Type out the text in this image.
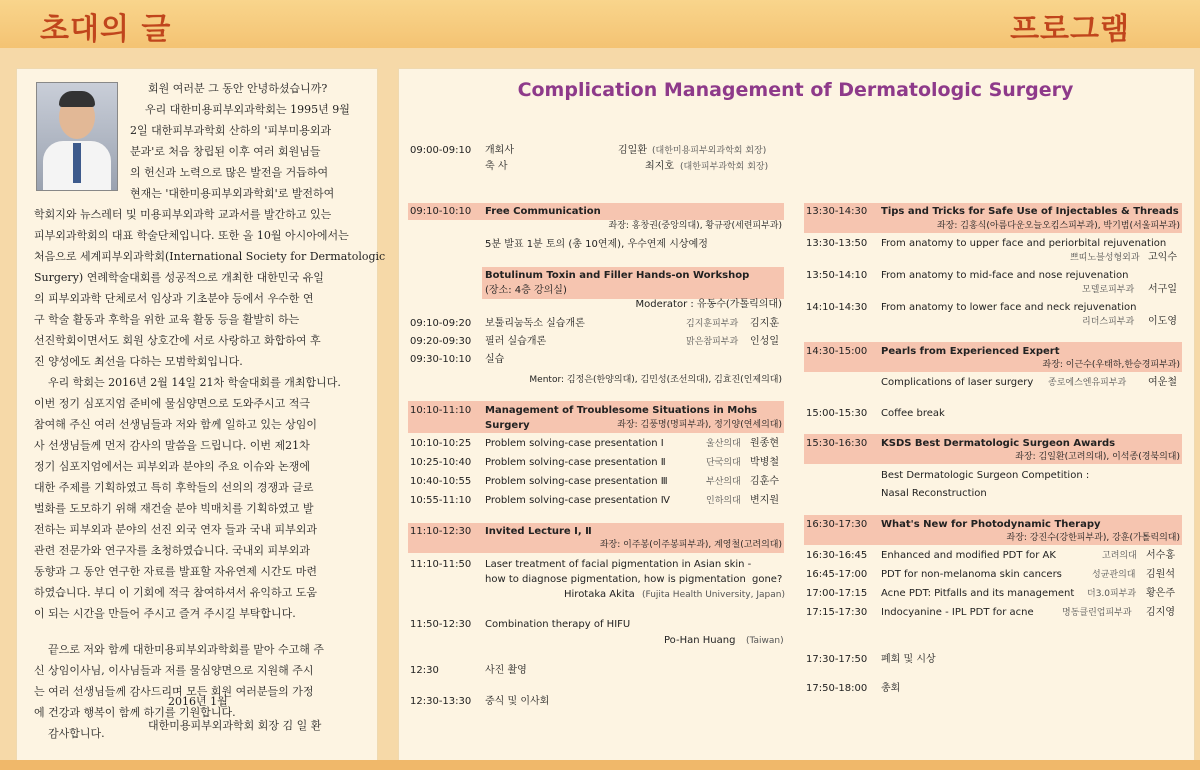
초대의 글	프로그램
회원 여러분 그 동안 안녕하셨습니까?
우리 대한미용피부외과학회는 1995년 9월
2일 대한피부과학회 산하의 '피부미용외과
분과'로 처음 창립된 이후 여러 회원님들
의 헌신과 노력으로 많은 발전을 거듭하여
현재는 '대한미용피부외과학회'로 발전하여
학회지와 뉴스레터 및 미용피부외과학 교과서를 발간하고 있는
피부외과학회의 대표 학술단체입니다. 또한 올 10월 아시아에서는
처음으로 세계피부외과학회(International Society for Dermatologic
Surgery) 연례학술대회를 성공적으로 개최한 대한민국 유일
의 피부외과학 단체로서 임상과 기초분야 등에서 우수한 연
구 학술 활동과 후학을 위한 교육 활동 등을 활발히 하는
선진학회이면서도 회원 상호간에 서로 사랑하고 화합하여 후
진 양성에도 최선을 다하는 모범학회입니다.
우리 학회는 2016년 2월 14일 21차 학술대회를 개최합니다.
이번 정기 심포지엄 준비에 물심양면으로 도와주시고 적극
참여해 주신 여러 선생님들과 저와 함께 일하고 있는 상임이
사 선생님들께 먼저 감사의 말씀을 드립니다. 이번 제21차
정기 심포지엄에서는 피부외과 분야의 주요 이슈와 논쟁에
대한 주제를 기획하였고 특히 후학들의 선의의 경쟁과 글로
벌화를 도모하기 위해 재건술 분야 빅매치를 기획하였고 발
전하는 피부외과 분야의 선진 외국 연자 들과 국내 피부외과
관련 전문가와 연구자를 초청하였습니다. 국내외 피부외과
동향과 그 동안 연구한 자료를 발표할 자유연제 시간도 마련
하였습니다. 부디 이 기회에 적극 참여하셔서 유익하고 도움
이 되는 시간을 만들어 주시고 즐겨 주시길 부탁합니다.
끝으로 저와 함께 대한미용피부외과학회를 맡아 수고해 주
신 상임이사님, 이사님들과 저를 물심양면으로 지원해 주시
는 여러 선생님들께 감사드리며 모든 회원 여러분들의 가정
에 건강과 행복이 함께 하기를 기원합니다.
감사합니다.
2016년 1월
대한미용피부외과학회 회장 김 일 환
Complication Management of Dermatologic Surgery
09:00-09:10 개회사	김일환 (대한미용피부외과학회 회장)
축 사	최지호 (대한피부과학회 회장)
09:10-10:10 Free Communication
좌장: 홍창권(중앙의대), 황규광(세련피부과)
5분 발표 1분 토의 (총 10연제), 우수연제 시상예정
Botulinum Toxin and Filler Hands-on Workshop
(장소: 4층 강의실)
Moderator : 유동수(가톨릭의대)
09:10-09:20 보툴리눔독소 실습개론	김지훈피부과 김지훈
09:20-09:30 필러 실습개론	맑은참피부과 인성일
09:30-10:10 실습
Mentor: 김정은(한양의대), 김민성(조선의대), 김효진(인제의대)
10:10-11:10 Management of Troublesome Situations in Mohs
Surgery	좌장: 김풍명(명피부과), 정기양(연세의대)
10:10-10:25 Problem solving-case presentation Ⅰ	울산의대 원종현
10:25-10:40 Problem solving-case presentation Ⅱ	단국의대 박병철
10:40-10:55 Problem solving-case presentation Ⅲ	부산의대 김훈수
10:55-11:10 Problem solving-case presentation Ⅳ	인하의대 변지원
11:10-12:30 Invited Lecture Ⅰ, Ⅱ
좌장: 이주봉(이주봉피부과), 계영철(고려의대)
11:10-11:50 Laser treatment of facial pigmentation in Asian skin -
how to diagnose pigmentation, how is pigmentation gone?
Hirotaka Akita (Fujita Health University, Japan)
11:50-12:30 Combination therapy of HIFU
Po-Han Huang (Taiwan)
12:30	사진 촬영
12:30-13:30 중식 및 이사회
13:30-14:30 Tips and Tricks for Safe Use of Injectables & Threads
좌장: 김홍식(아름다운오늘오킴스피부과), 박기범(서울피부과)
13:30-13:50 From anatomy to upper face and periorbital rejuvenation
쁘띠노블성형외과 고익수
13:50-14:10 From anatomy to mid-face and nose rejuvenation
모델로피부과 서구일
14:10-14:30 From anatomy to lower face and neck rejuvenation
리더스피부과 이도영
14:30-15:00 Pearls from Experienced Expert
좌장: 이근수(우태하,한승경피부과)
Complications of laser surgery 종로에스엔유피부과 여운철
15:00-15:30 Coffee break
15:30-16:30 KSDS Best Dermatologic Surgeon Awards
좌장: 김일환(고려의대), 이석종(경북의대)
Best Dermatologic Surgeon Competition :
Nasal Reconstruction
16:30-17:30 What's New for Photodynamic Therapy
좌장: 강진수(강한피부과), 강훈(가톨릭의대)
16:30-16:45 Enhanced and modified PDT for AK	고려의대 서수홍
16:45-17:00 PDT for non-melanoma skin cancers	성균관의대 김원석
17:00-17:15 Acne PDT: Pitfalls and its management 더3.0피부과 황은주
17:15-17:30 Indocyanine - IPL PDT for acne	명동클린업피부과 김지영
17:30-17:50 폐회 및 시상
17:50-18:00 총회
